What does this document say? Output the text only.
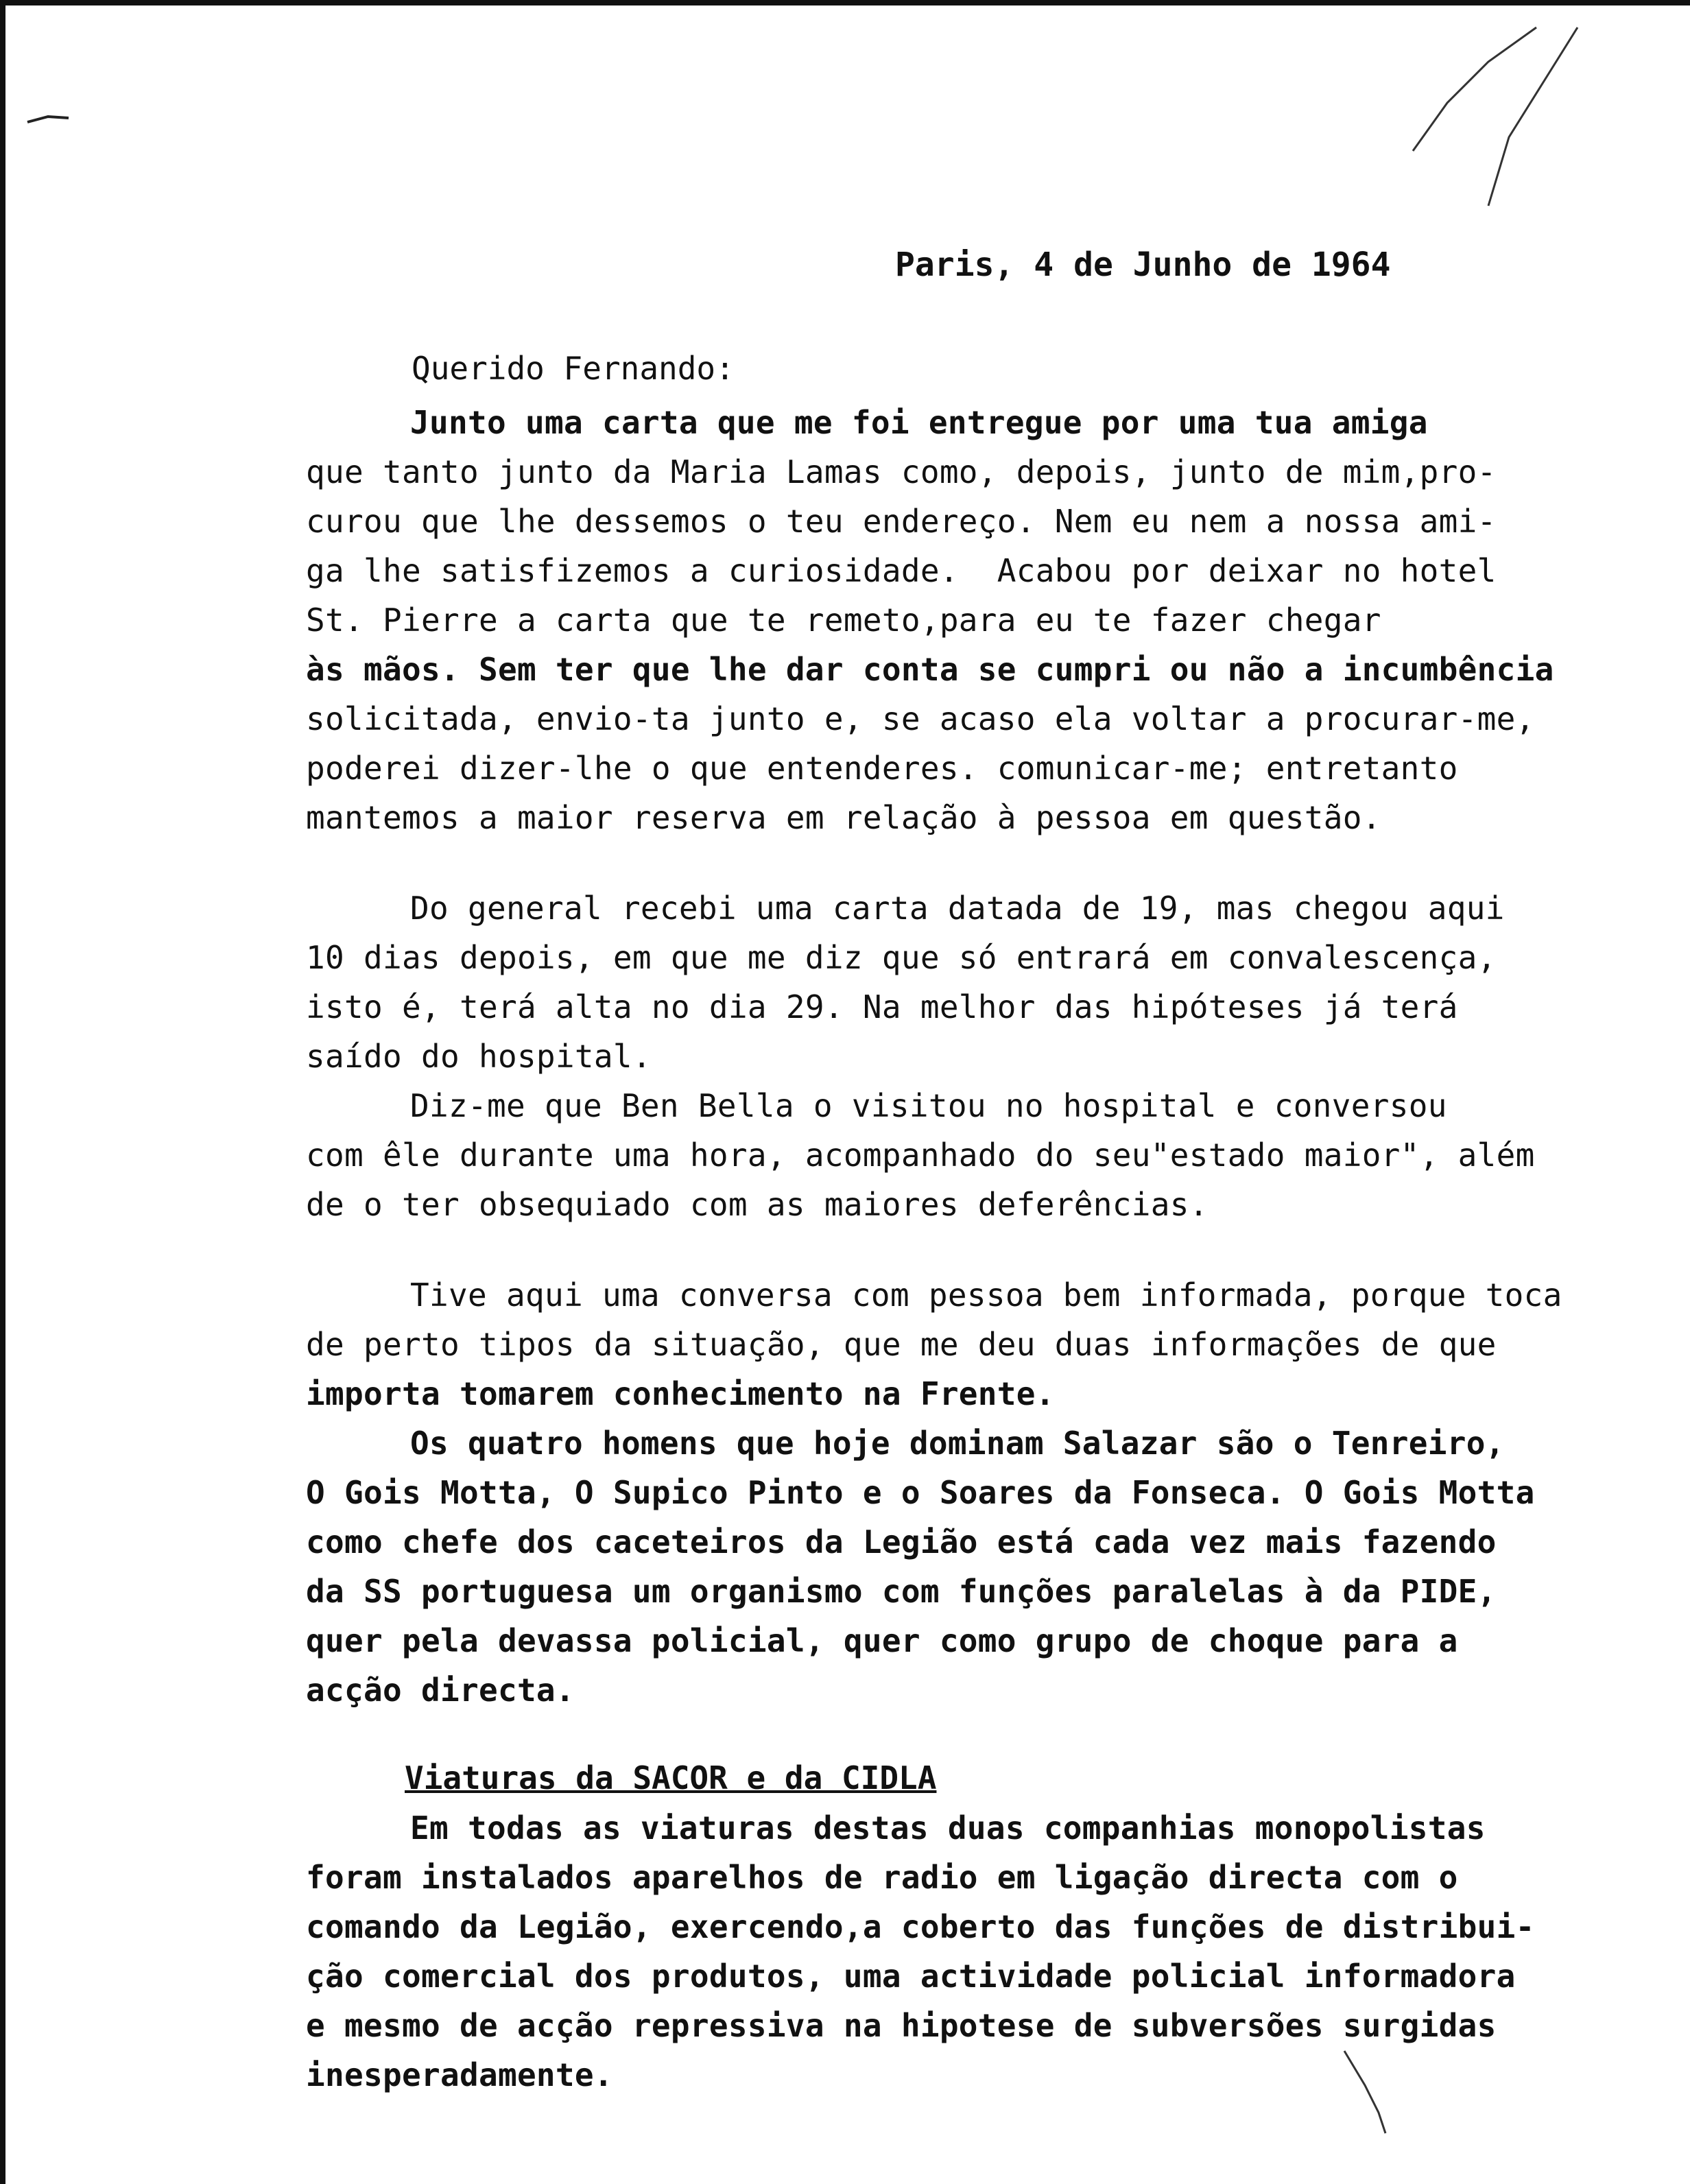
Paris, 4 de Junho de 1964
Querido Fernando:
Junto uma carta que me foi entregue por uma tua amiga
que tanto junto da Maria Lamas como, depois, junto de mim,pro-
curou que lhe dessemos o teu endereço. Nem eu nem a nossa ami-
ga lhe satisfizemos a curiosidade.  Acabou por deixar no hotel
St. Pierre a carta que te remeto,para eu te fazer chegar
às mãos. Sem ter que lhe dar conta se cumpri ou não a incumbência
solicitada, envio-ta junto e, se acaso ela voltar a procurar-me,
poderei dizer-lhe o que entenderes. comunicar-me; entretanto
mantemos a maior reserva em relação à pessoa em questão.
Do general recebi uma carta datada de 19, mas chegou aqui
10 dias depois, em que me diz que só entrará em convalescença,
isto é, terá alta no dia 29. Na melhor das hipóteses já terá
saído do hospital.
Diz-me que Ben Bella o visitou no hospital e conversou
com êle durante uma hora, acompanhado do seu"estado maior", além
de o ter obsequiado com as maiores deferências.
Tive aqui uma conversa com pessoa bem informada, porque toca
de perto tipos da situação, que me deu duas informações de que
importa tomarem conhecimento na Frente.
Os quatro homens que hoje dominam Salazar são o Tenreiro,
O Gois Motta, O Supico Pinto e o Soares da Fonseca. O Gois Motta
como chefe dos caceteiros da Legião está cada vez mais fazendo
da SS portuguesa um organismo com funções paralelas à da PIDE,
quer pela devassa policial, quer como grupo de choque para a
acção directa.
Viaturas da SACOR e da CIDLA
Em todas as viaturas destas duas companhias monopolistas
foram instalados aparelhos de radio em ligação directa com o
comando da Legião, exercendo,a coberto das funções de distribui-
ção comercial dos produtos, uma actividade policial informadora
e mesmo de acção repressiva na hipotese de subversões surgidas
inesperadamente.
